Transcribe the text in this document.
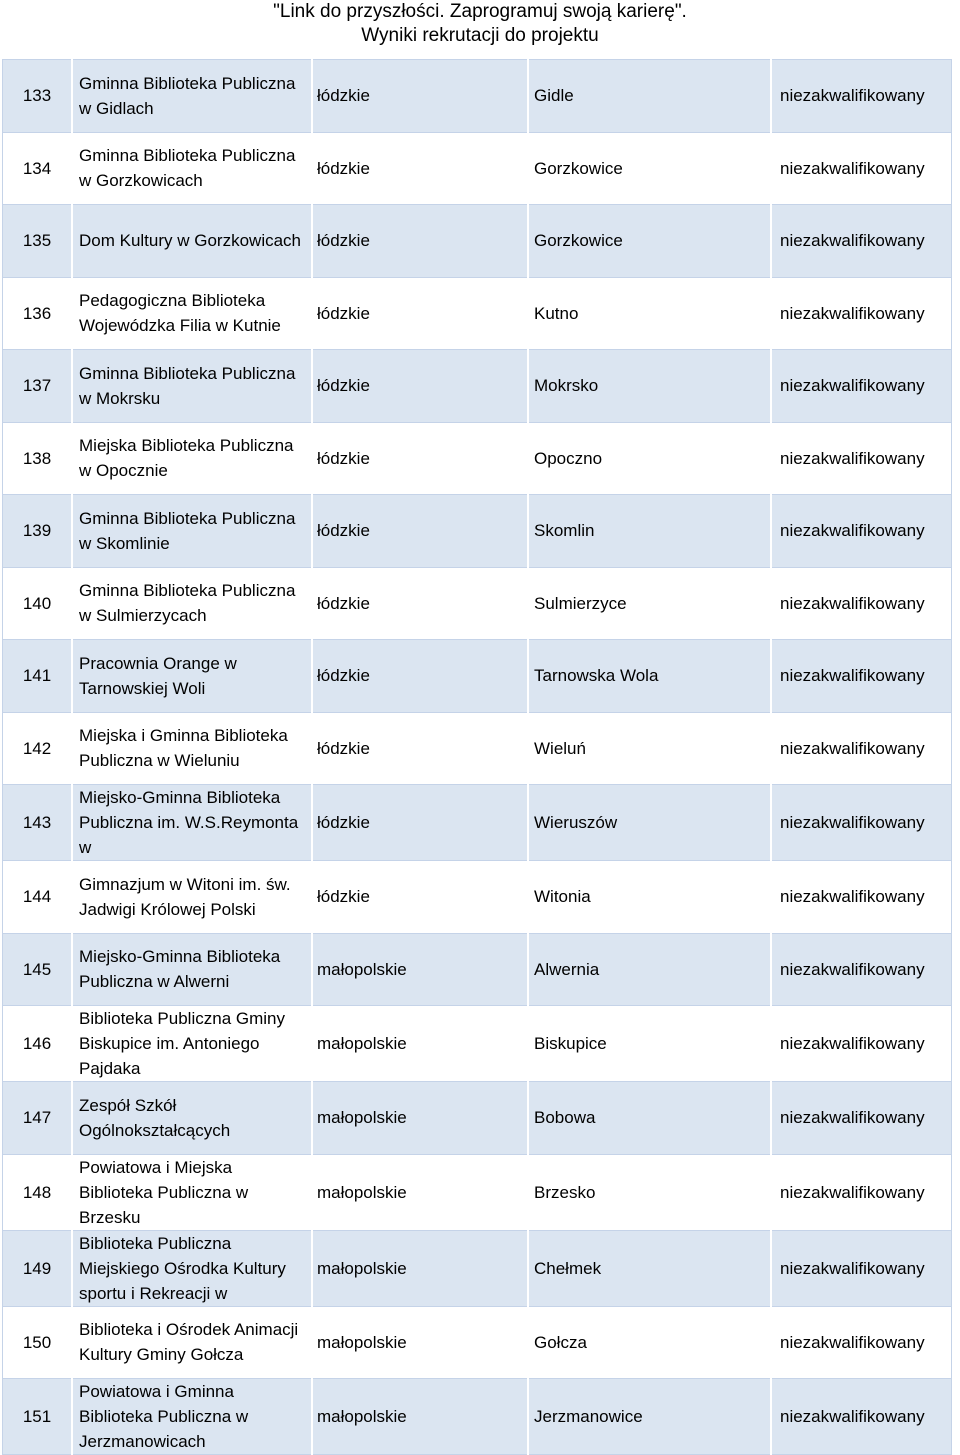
"Link do przyszłości. Zaprogramuj swoją karierę".
Wyniki rekrutacji do projektu
133	Gminna Biblioteka Publiczna w Gidlach	łódzkie	Gidle	niezakwalifikowany
134	Gminna Biblioteka Publiczna w Gorzkowicach	łódzkie	Gorzkowice	niezakwalifikowany
135	Dom Kultury w Gorzkowicach	łódzkie	Gorzkowice	niezakwalifikowany
136	Pedagogiczna Biblioteka Wojewódzka Filia w Kutnie	łódzkie	Kutno	niezakwalifikowany
137	Gminna Biblioteka Publiczna w Mokrsku	łódzkie	Mokrsko	niezakwalifikowany
138	Miejska Biblioteka Publiczna w Opocznie	łódzkie	Opoczno	niezakwalifikowany
139	Gminna Biblioteka Publiczna w Skomlinie	łódzkie	Skomlin	niezakwalifikowany
140	Gminna Biblioteka Publiczna w Sulmierzycach	łódzkie	Sulmierzyce	niezakwalifikowany
141	Pracownia Orange w Tarnowskiej Woli	łódzkie	Tarnowska Wola	niezakwalifikowany
142	Miejska i Gminna Biblioteka Publiczna w Wieluniu	łódzkie	Wieluń	niezakwalifikowany
143	Miejsko-Gminna Biblioteka Publiczna im. W.S.Reymonta w	łódzkie	Wieruszów	niezakwalifikowany
144	Gimnazjum w Witoni im. św. Jadwigi Królowej Polski	łódzkie	Witonia	niezakwalifikowany
145	Miejsko-Gminna Biblioteka Publiczna w Alwerni	małopolskie	Alwernia	niezakwalifikowany
146	Biblioteka Publiczna Gminy Biskupice im. Antoniego Pajdaka	małopolskie	Biskupice	niezakwalifikowany
147	Zespół Szkół Ogólnokształcących	małopolskie	Bobowa	niezakwalifikowany
148	Powiatowa i Miejska Biblioteka Publiczna w Brzesku	małopolskie	Brzesko	niezakwalifikowany
149	Biblioteka Publiczna Miejskiego Ośrodka Kultury sportu i Rekreacji w	małopolskie	Chełmek	niezakwalifikowany
150	Biblioteka i Ośrodek Animacji Kultury Gminy Gołcza	małopolskie	Gołcza	niezakwalifikowany
151	Powiatowa i Gminna Biblioteka Publiczna w Jerzmanowicach	małopolskie	Jerzmanowice	niezakwalifikowany
